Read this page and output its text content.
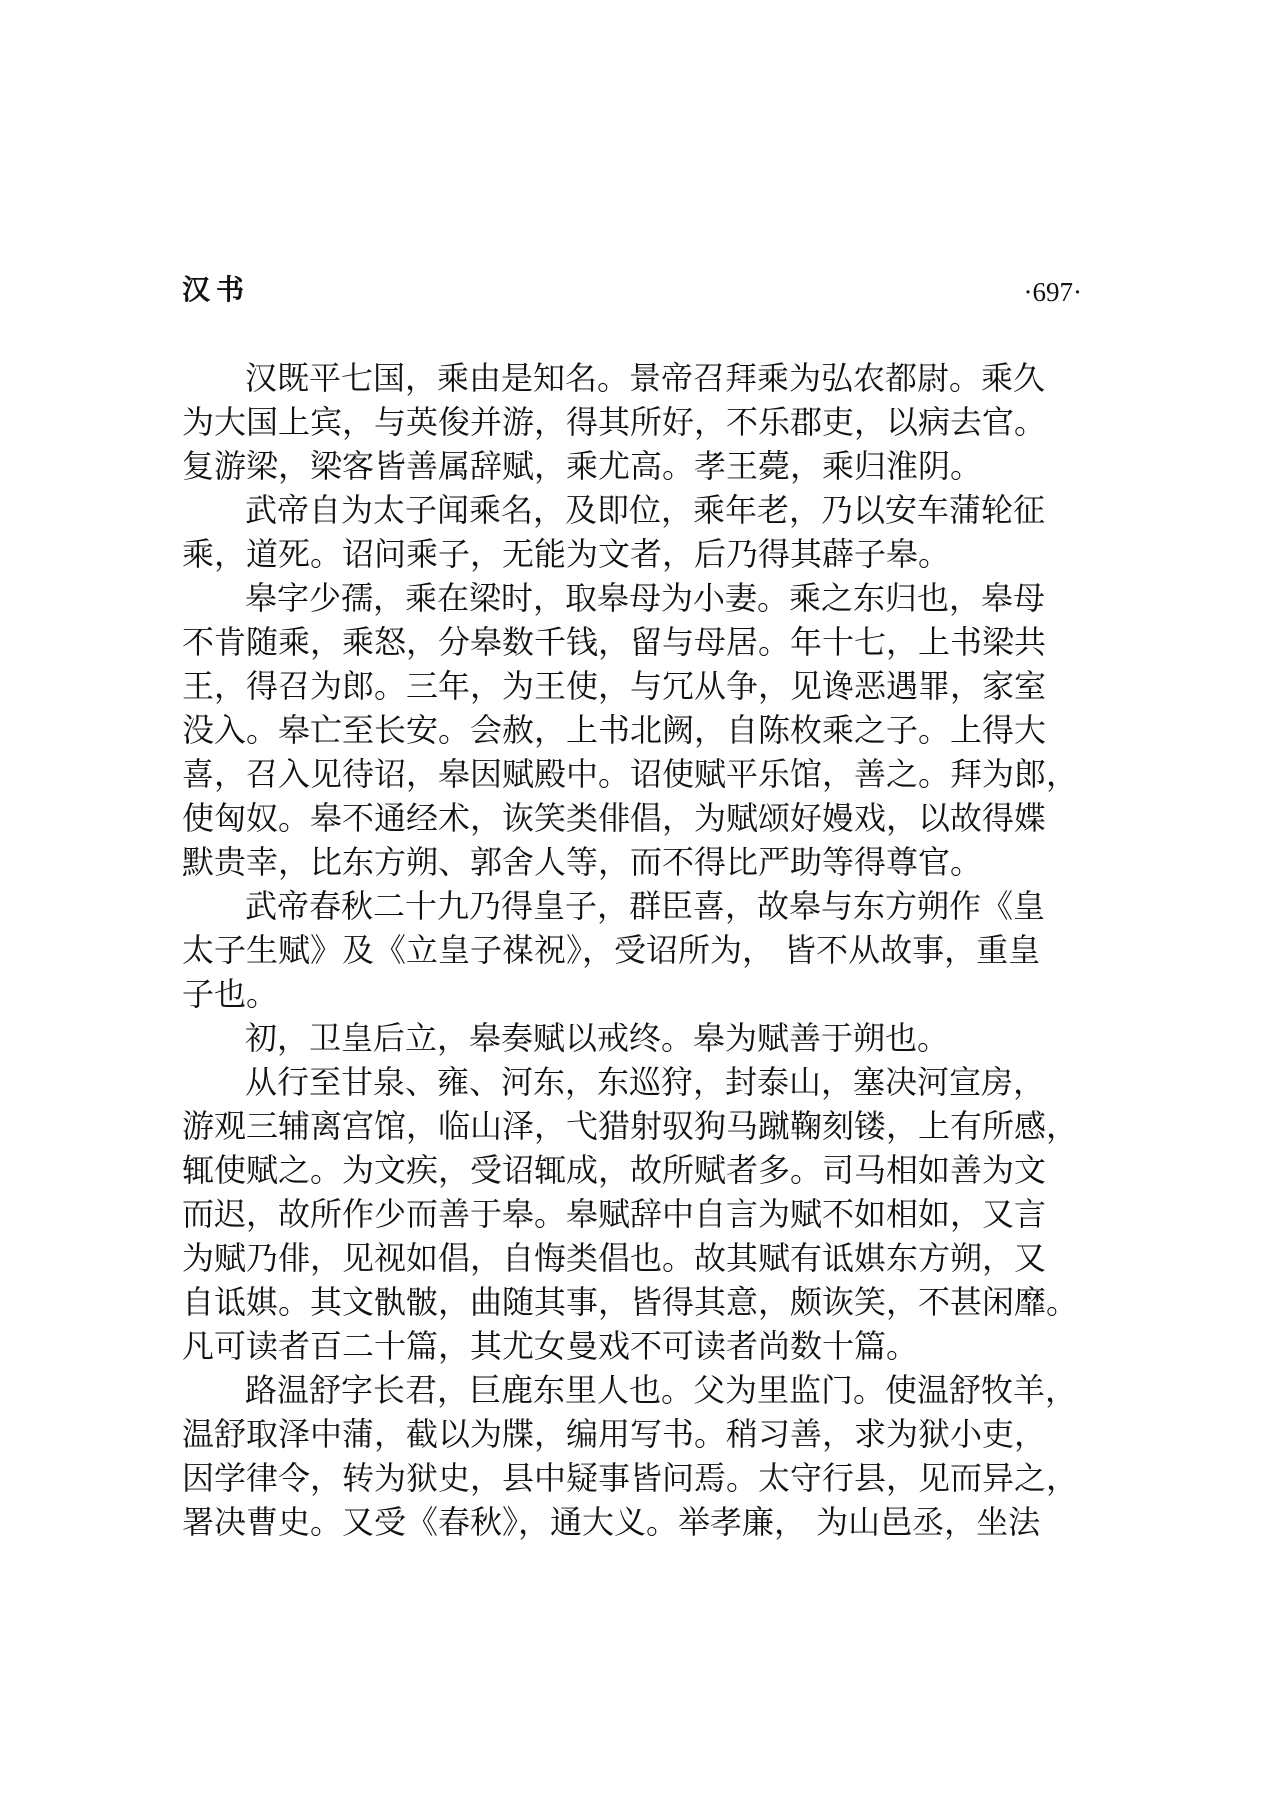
汉书	·697·
汉既平七国，乘由是知名。景帝召拜乘为弘农都尉。乘久
为大国上宾，与英俊并游，得其所好，不乐郡吏，以病去官。
复游梁，梁客皆善属辞赋，乘尤高。孝王薨，乘归淮阴。
武帝自为太子闻乘名，及即位，乘年老，乃以安车蒲轮征
乘，道死。诏问乘子，无能为文者，后乃得其薜子皋。
皋字少孺，乘在梁时，取皋母为小妻。乘之东归也，皋母
不肯随乘，乘怒，分皋数千钱，留与母居。年十七，上书梁共
王，得召为郎。三年，为王使，与冗从争，见谗恶遇罪，家室
没入。皋亡至长安。会赦，上书北阙，自陈枚乘之子。上得大
喜，召入见待诏，皋因赋殿中。诏使赋平乐馆，善之。拜为郎，
使匈奴。皋不通经术，诙笑类俳倡，为赋颂好嫚戏，以故得媟
默贵幸，比东方朔、郭舍人等，而不得比严助等得尊官。
武帝春秋二十九乃得皇子，群臣喜，故皋与东方朔作《皇
太子生赋》及《立皇子禖祝》，受诏所为， 皆不从故事，重皇
子也。
初，卫皇后立，皋奏赋以戒终。皋为赋善于朔也。
从行至甘泉、雍、河东，东巡狩，封泰山，塞决河宣房，
游观三辅离宫馆，临山泽，弋猎射驭狗马蹴鞠刻镂，上有所感，
辄使赋之。为文疾，受诏辄成，故所赋者多。司马相如善为文
而迟，故所作少而善于皋。皋赋辞中自言为赋不如相如，又言
为赋乃俳，见视如倡，自悔类倡也。故其赋有诋娸东方朔，又
自诋娸。其文骫骳，曲随其事，皆得其意，颇诙笑，不甚闲靡。
凡可读者百二十篇，其尤女曼戏不可读者尚数十篇。
路温舒字长君，巨鹿东里人也。父为里监门。使温舒牧羊，
温舒取泽中蒲，截以为牒，编用写书。稍习善，求为狱小吏，
因学律令，转为狱史，县中疑事皆问焉。太守行县，见而异之，
署决曹史。又受《春秋》，通大义。举孝廉， 为山邑丞，坐法
